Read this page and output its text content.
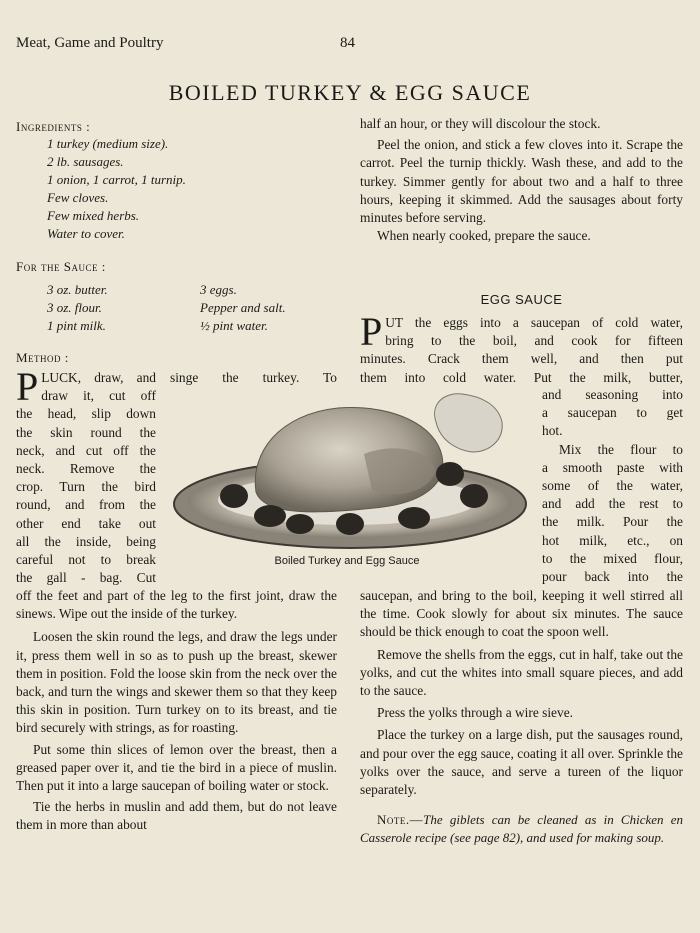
Meat, Game and Poultry	84
BOILED TURKEY & EGG SAUCE
Ingredients :
1 turkey (medium size).
2 lb. sausages.
1 onion, 1 carrot, 1 turnip.
Few cloves.
Few mixed herbs.
Water to cover.
For the Sauce :
3 oz. butter.
3 oz. flour.
1 pint milk.
3 eggs.
Pepper and salt.
½ pint water.
Method :
P LUCK, draw, and
draw it, cut off
the head, slip down
the skin round the
neck, and cut off the
neck. Remove the
crop. Turn the bird
round, and from the
other end take out
all the inside, being
careful not to break
the gall - bag. Cut
singe the turkey. To

off the feet and part of the leg to the first joint, draw the sinews. Wipe out the inside of the turkey.

Loosen the skin round the legs, and draw the legs under it, press them well in so as to push up the breast, skewer them in position. Fold the loose skin from the neck over the back, and turn the wings and skewer them so that they keep this skin in position. Turn turkey on to its breast, and tie bird securely with strings, as for roasting.

Put some thin slices of lemon over the breast, then a greased paper over it, and tie the bird in a piece of muslin. Then put it into a large saucepan of boiling water or stock.

Tie the herbs in muslin and add them, but do not leave them in more than about

half an hour, or they will discolour the stock.

Peel the onion, and stick a few cloves into it. Scrape the carrot. Peel the turnip thickly. Wash these, and add to the turkey. Simmer gently for about two and a half to three hours, keeping it skimmed. Add the sausages about forty minutes before serving.

When nearly cooked, prepare the sauce.

EGG SAUCE
P UT the eggs into a saucepan of cold water,
bring to the boil, and cook for fifteen
minutes. Crack them well, and then put
them into cold water. Put the milk, butter,
and seasoning into
a saucepan to get
hot.
Mix the flour to
a smooth paste with
some of the water,
and add the rest to
the milk. Pour the
hot milk, etc., on
to the mixed flour,
pour back into the

saucepan, and bring to the boil, keeping it well stirred all the time. Cook slowly for about six minutes. The sauce should be thick enough to coat the spoon well.

Remove the shells from the eggs, cut in half, take out the yolks, and cut the whites into small square pieces, and add to the sauce.

Press the yolks through a wire sieve.

Place the turkey on a large dish, put the sausages round, and pour over the egg sauce, coating it all over. Sprinkle the yolks over the sauce, and serve a tureen of the liquor separately.

Note.—The giblets can be cleaned as in Chicken en Casserole recipe (see page 82), and used for making soup.

Boiled Turkey and Egg Sauce
